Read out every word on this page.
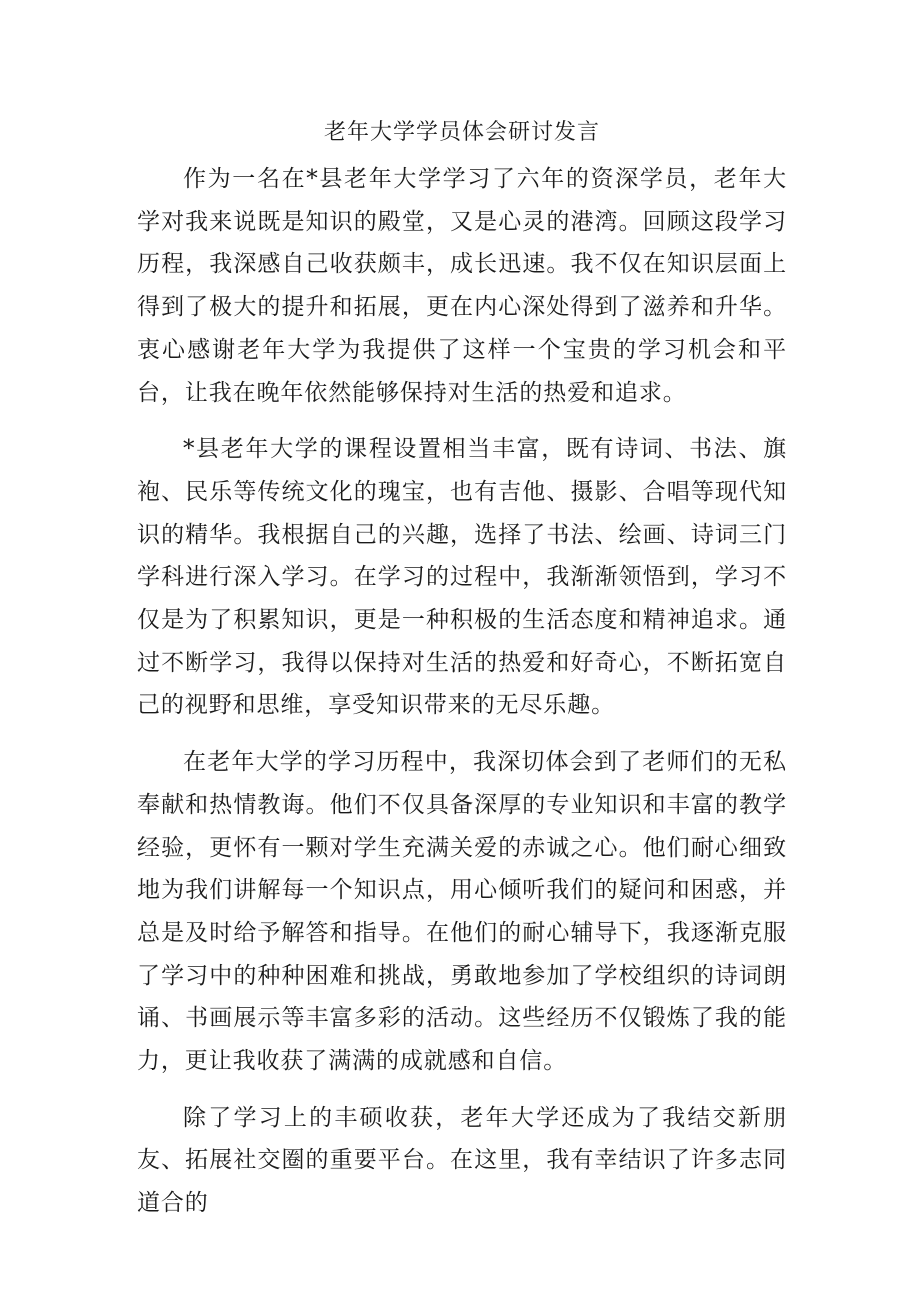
老年大学学员体会研讨发言

作为一名在*县老年大学学习了六年的资深学员，老年大学对我来说既是知识的殿堂，又是心灵的港湾。回顾这段学习历程，我深感自己收获颇丰，成长迅速。我不仅在知识层面上得到了极大的提升和拓展，更在内心深处得到了滋养和升华。衷心感谢老年大学为我提供了这样一个宝贵的学习机会和平台，让我在晚年依然能够保持对生活的热爱和追求。

*县老年大学的课程设置相当丰富，既有诗词、书法、旗袍、民乐等传统文化的瑰宝，也有吉他、摄影、合唱等现代知识的精华。我根据自己的兴趣，选择了书法、绘画、诗词三门学科进行深入学习。在学习的过程中，我渐渐领悟到，学习不仅是为了积累知识，更是一种积极的生活态度和精神追求。通过不断学习，我得以保持对生活的热爱和好奇心，不断拓宽自己的视野和思维，享受知识带来的无尽乐趣。

在老年大学的学习历程中，我深切体会到了老师们的无私奉献和热情教诲。他们不仅具备深厚的专业知识和丰富的教学经验，更怀有一颗对学生充满关爱的赤诚之心。他们耐心细致地为我们讲解每一个知识点，用心倾听我们的疑问和困惑，并总是及时给予解答和指导。在他们的耐心辅导下，我逐渐克服了学习中的种种困难和挑战，勇敢地参加了学校组织的诗词朗诵、书画展示等丰富多彩的活动。这些经历不仅锻炼了我的能力，更让我收获了满满的成就感和自信。

除了学习上的丰硕收获，老年大学还成为了我结交新朋友、拓展社交圈的重要平台。在这里，我有幸结识了许多志同道合的
